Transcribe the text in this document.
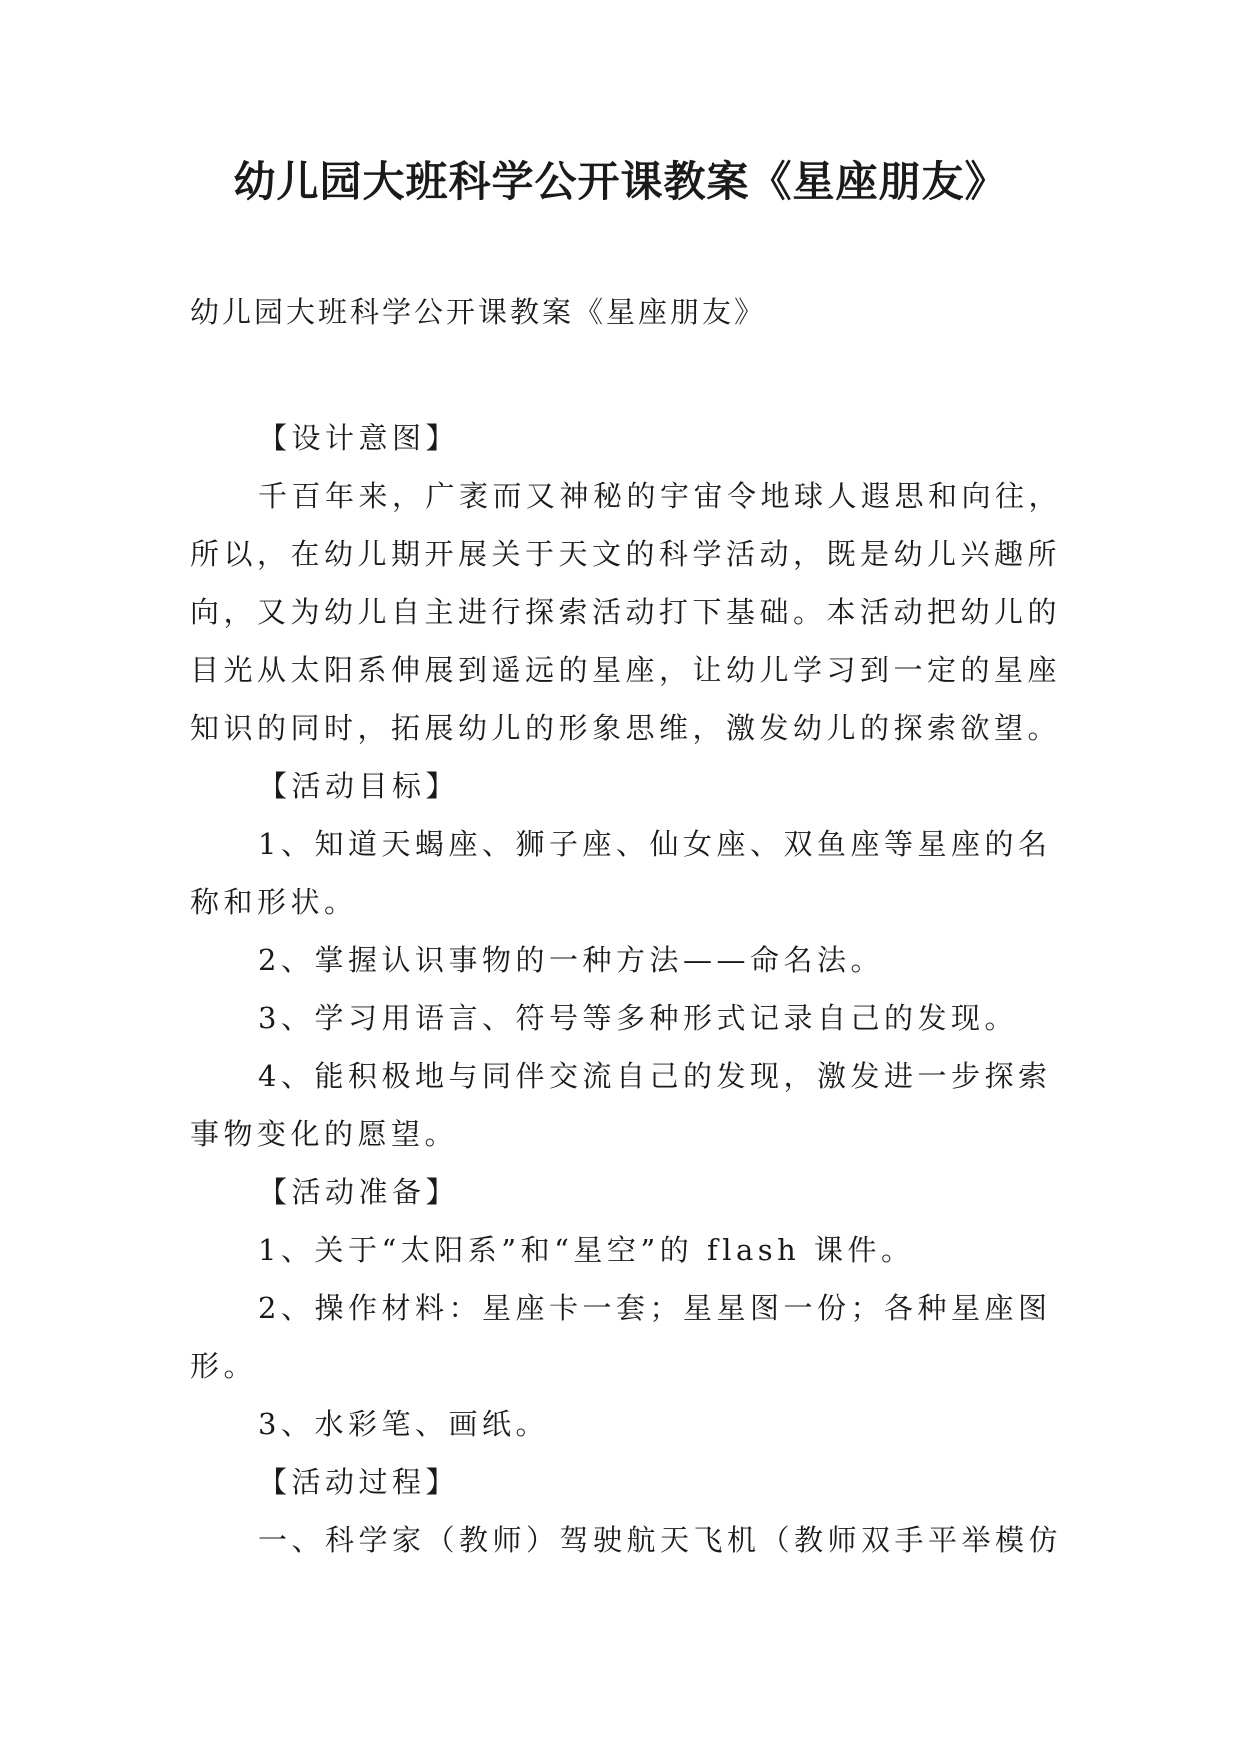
幼儿园大班科学公开课教案《星座朋友》

幼儿园大班科学公开课教案《星座朋友》

【设计意图】

千百年来，广袤而又神秘的宇宙令地球人遐思和向往，

所以，在幼儿期开展关于天文的科学活动，既是幼儿兴趣所

向，又为幼儿自主进行探索活动打下基础。本活动把幼儿的

目光从太阳系伸展到遥远的星座，让幼儿学习到一定的星座

知识的同时，拓展幼儿的形象思维，激发幼儿的探索欲望。

【活动目标】

1、知道天蝎座、狮子座、仙女座、双鱼座等星座的名

称和形状。

2、掌握认识事物的一种方法——命名法。

3、学习用语言、符号等多种形式记录自己的发现。

4、能积极地与同伴交流自己的发现，激发进一步探索

事物变化的愿望。

【活动准备】

1、关于“太阳系”和“星空”的 flash 课件。

2、操作材料：星座卡一套；星星图一份；各种星座图

形。

3、水彩笔、画纸。

【活动过程】

一、科学家（教师）驾驶航天飞机（教师双手平举模仿
